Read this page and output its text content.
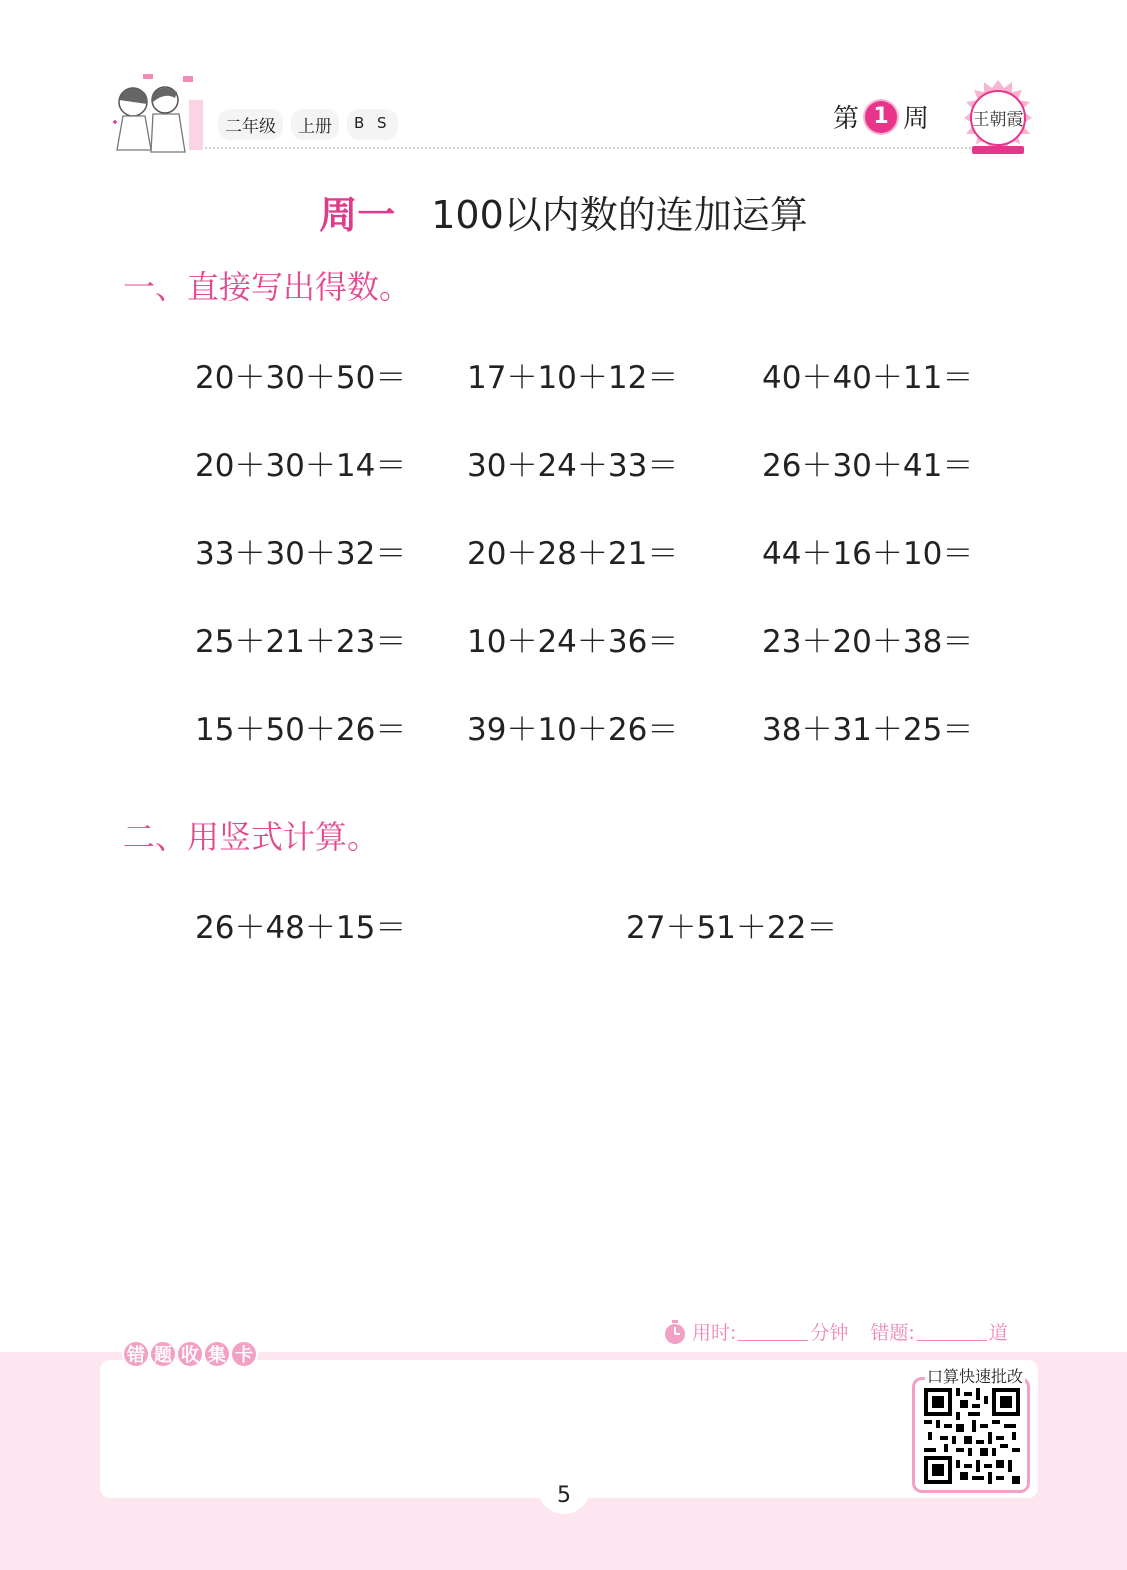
二年级	上册	B S	第 1 周	王朝霞
周一 100以内数的连加运算
一、直接写出得数。
20＋30＋50＝ 17＋10＋12＝	40＋40＋11＝
20＋30＋14＝ 30＋24＋33＝	26＋30＋41＝
33＋30＋32＝ 20＋28＋21＝	44＋16＋10＝
25＋21＋23＝ 10＋24＋36＝	23＋20＋38＝
15＋50＋26＝ 39＋10＋26＝	38＋31＋25＝
二、用竖式计算。
26＋48＋15＝	27＋51＋22＝
用时:	分钟 错题:	道
错 题 收 集 卡
口算快速批改
5
